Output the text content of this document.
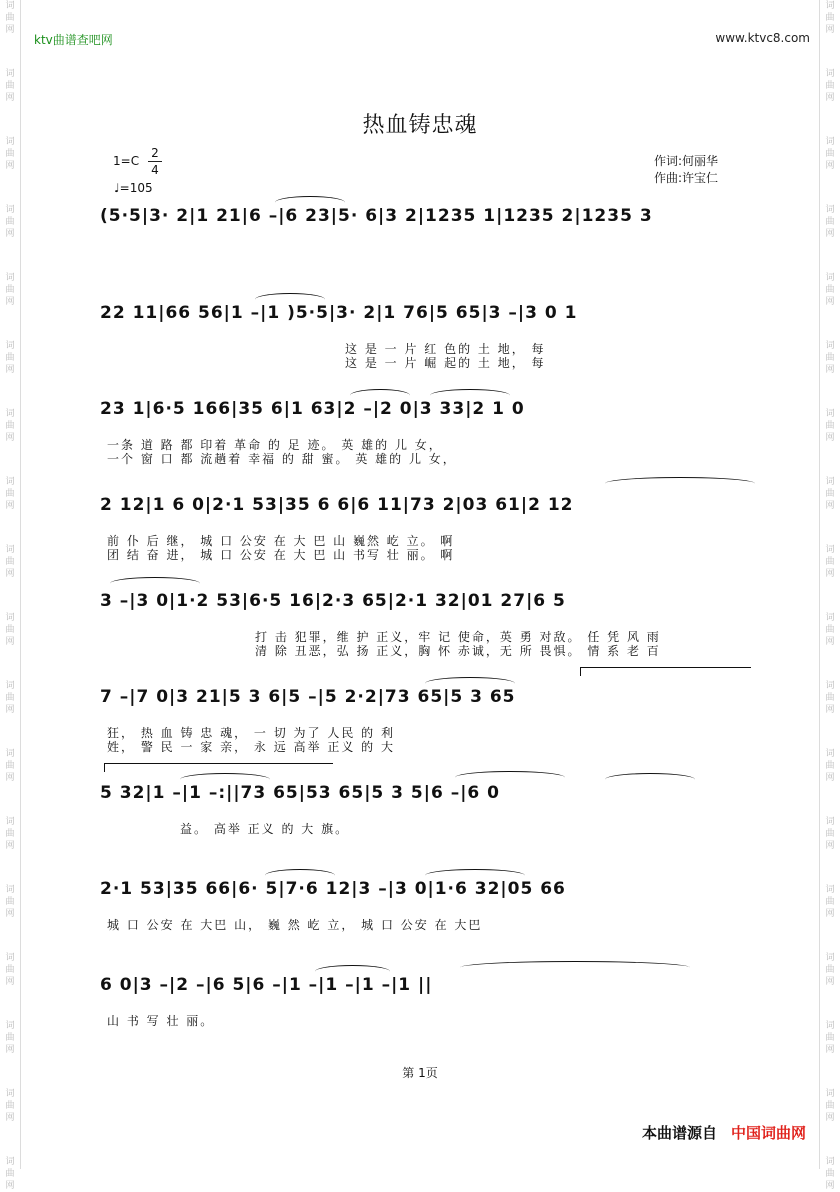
词
曲
网
词
曲
网
词
曲
网
词
曲
网
词
曲
网
词
曲
网
词
曲
网
词
曲
网
词
曲
网
词
曲
网
词
曲
网
词
曲
网
词
曲
网
词
曲
网
词
曲
网
词
曲
网
词
曲
网
词
曲
网
词
曲
网
词
曲
网
词
曲
网
词
曲
网
词
曲
网
词
曲
网
词
曲
网
词
曲
网
词
曲
网
词
曲
网
词
曲
网
词
曲
网
词
曲
网
词
曲
网
词
曲
网
词
曲
网
词
曲
网
词
曲
网
ktv曲谱查吧网	www.ktvc8.com
热血铸忠魂
1=C
2
4
♩=105
作词:何丽华
作曲:许宝仁
(5·5|3· 2|1 21|6 –|6 23|5· 6|3 2|1235 1|1235 2|1235 3
22 11|66 56|1 –|1 )5·5|3· 2|1 76|5 65|3 –|3 0 1
这 是 一 片 红 色的 土 地， 每
这 是 一 片 崛 起的 土 地， 每
23 1|6·5 166|35 6|1 63|2 –|2 0|3 33|2 1 0
一条 道 路 都 印着 革命 的 足 迹。 英 雄的 儿 女，
一个 窗 口 都 流趟着 幸福 的 甜 蜜。 英 雄的 儿 女，
2 12|1 6 0|2·1 53|35 6 6|6 11|73 2|03 61|2 12
前 仆 后 继， 城 口 公安 在 大 巴 山 巍然 屹 立。 啊
团 结 奋 进， 城 口 公安 在 大 巴 山 书写 壮 丽。 啊
3 –|3 0|1·2 53|6·5 16|2·3 65|2·1 32|01 27|6 5
打 击 犯罪，维 护 正义，牢 记 使命，英 勇 对敌。 任 凭 风 雨
清 除 丑恶，弘 扬 正义，胸 怀 赤诚，无 所 畏惧。 情 系 老 百
7 –|7 0|3 21|5 3 6|5 –|5 2·2|73 65|5 3 65
狂， 热 血 铸 忠 魂， 一 切 为了 人民 的 利
姓， 警 民 一 家 亲， 永 远 高举 正义 的 大
5 32|1 –|1 –:||73 65|53 65|5 3 5|6 –|6 0
益。 高举 正义 的 大 旗。
2·1 53|35 66|6· 5|7·6 12|3 –|3 0|1·6 32|05 66
城 口 公安 在 大巴 山， 巍 然 屹 立， 城 口 公安 在 大巴
6 0|3 –|2 –|6 5|6 –|1 –|1 –|1 –|1 ||
山 书 写 壮 丽。
第 1页
本曲谱源自 中国词曲网
